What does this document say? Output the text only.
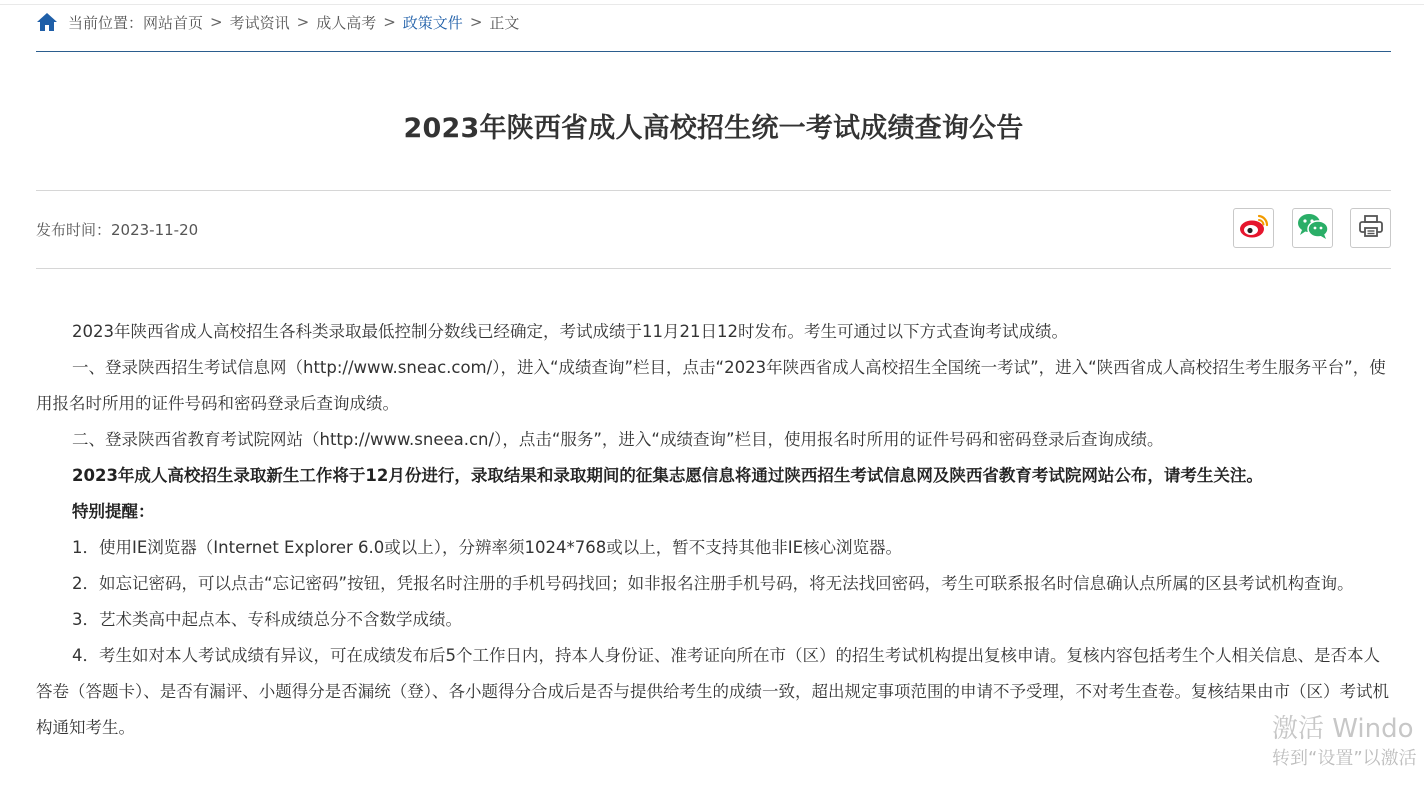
当前位置： 网站首页 > 考试资讯 > 成人高考 > 政策文件 > 正文
2023年陕西省成人高校招生统一考试成绩查询公告
发布时间：2023-11-20

2023年陕西省成人高校招生各科类录取最低控制分数线已经确定，考试成绩于11月21日12时发布。考生可通过以下方式查询考试成绩。

一、登录陕西招生考试信息网（http://www.sneac.com/），进入“成绩查询”栏目，点击“2023年陕西省成人高校招生全国统一考试”，进入“陕西省成人高校招生考生服务平台”，使用报名时所用的证件号码和密码登录后查询成绩。

二、登录陕西省教育考试院网站（http://www.sneea.cn/），点击“服务”，进入“成绩查询”栏目，使用报名时所用的证件号码和密码登录后查询成绩。

2023年成人高校招生录取新生工作将于12月份进行，录取结果和录取期间的征集志愿信息将通过陕西招生考试信息网及陕西省教育考试院网站公布，请考生关注。

特别提醒：

1．使用IE浏览器（Internet Explorer 6.0或以上），分辨率须1024*768或以上，暂不支持其他非IE核心浏览器。

2．如忘记密码，可以点击“忘记密码”按钮，凭报名时注册的手机号码找回；如非报名注册手机号码，将无法找回密码，考生可联系报名时信息确认点所属的区县考试机构查询。

3．艺术类高中起点本、专科成绩总分不含数学成绩。

4．考生如对本人考试成绩有异议，可在成绩发布后5个工作日内，持本人身份证、准考证向所在市（区）的招生考试机构提出复核申请。复核内容包括考生个人相关信息、是否本人答卷（答题卡）、是否有漏评、小题得分是否漏统（登）、各小题得分合成后是否与提供给考生的成绩一致，超出规定事项范围的申请不予受理，不对考生查卷。复核结果由市（区）考试机构通知考生。	激活 Windo
转到“设置”以激活
